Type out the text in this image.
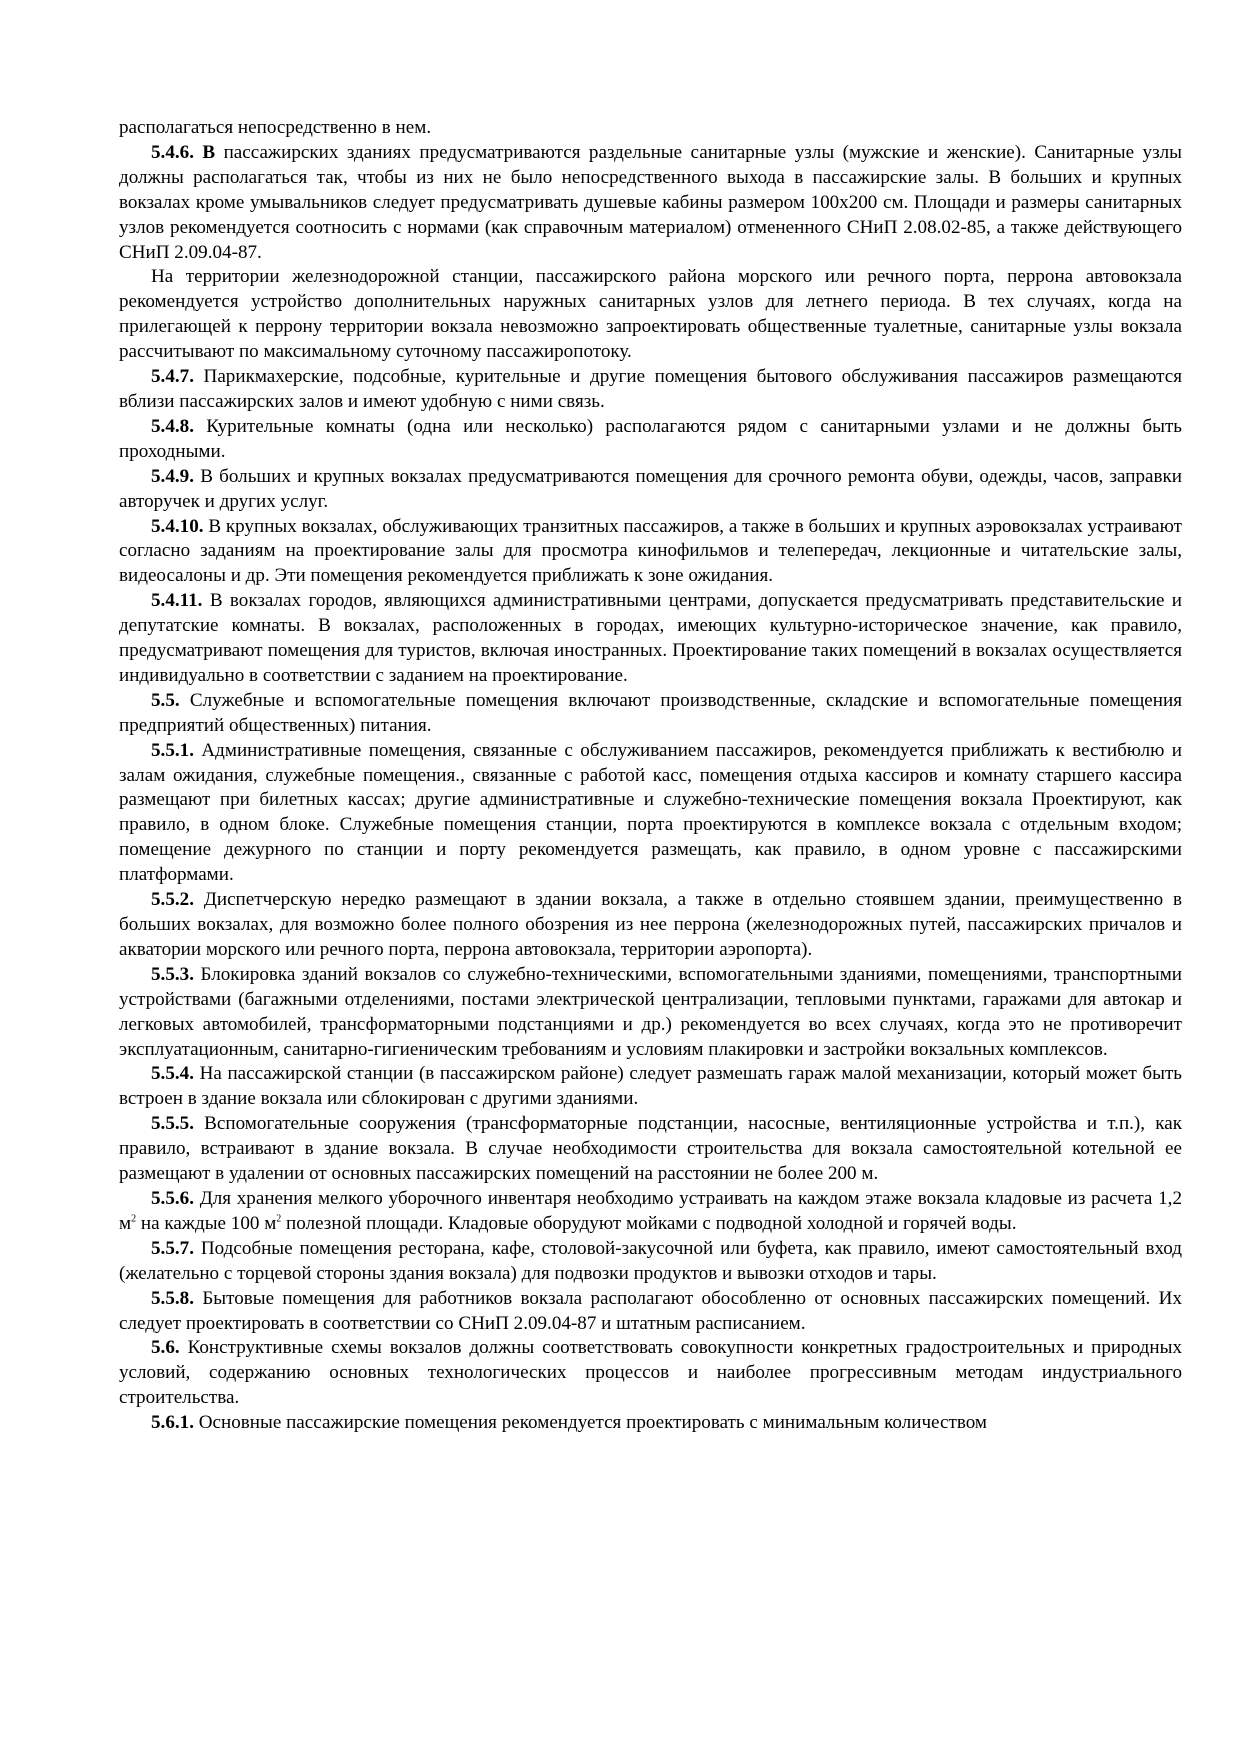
располагаться непосредственно в нем.

5.4.6. В пассажирских зданиях предусматриваются раздельные санитарные узлы (мужские и женские). Санитарные узлы должны располагаться так, чтобы из них не было непосредственного выхода в пассажирские залы. В больших и крупных вокзалах кроме умывальников следует предусматривать душевые кабины размером 100х200 см. Площади и размеры санитарных узлов рекомендуется соотносить с нормами (как справочным материалом) отмененного СНиП 2.08.02-85, а также действующего СНиП 2.09.04-87.

На территории железнодорожной станции, пассажирского района морского или речного порта, перрона автовокзала рекомендуется устройство дополнительных наружных санитарных узлов для летнего периода. В тех случаях, когда на прилегающей к перрону территории вокзала невозможно запроектировать общественные туалетные, санитарные узлы вокзала рассчитывают по максимальному суточному пассажиропотоку.

5.4.7. Парикмахерские, подсобные, курительные и другие помещения бытового обслуживания пассажиров размещаются вблизи пассажирских залов и имеют удобную с ними связь.

5.4.8. Курительные комнаты (одна или несколько) располагаются рядом с санитарными узлами и не должны быть проходными.

5.4.9. В больших и крупных вокзалах предусматриваются помещения для срочного ремонта обуви, одежды, часов, заправки авторучек и других услуг.

5.4.10. В крупных вокзалах, обслуживающих транзитных пассажиров, а также в больших и крупных аэровокзалах устраивают согласно заданиям на проектирование залы для просмотра кинофильмов и телепередач, лекционные и читательские залы, видеосалоны и др. Эти помещения рекомендуется приближать к зоне ожидания.

5.4.11. В вокзалах городов, являющихся административными центрами, допускается предусматривать представительские и депутатские комнаты. В вокзалах, расположенных в городах, имеющих культурно-историческое значение, как правило, предусматривают помещения для туристов, включая иностранных. Проектирование таких помещений в вокзалах осуществляется индивидуально в соответствии с заданием на проектирование.

5.5. Служебные и вспомогательные помещения включают производственные, складские и вспомогательные помещения предприятий общественных) питания.

5.5.1. Административные помещения, связанные с обслуживанием пассажиров, рекомендуется приближать к вестибюлю и залам ожидания, служебные помещения., связанные с работой касс, помещения отдыха кассиров и комнату старшего кассира размещают при билетных кассах; другие административные и служебно-технические помещения вокзала Проектируют, как правило, в одном блоке. Служебные помещения станции, порта проектируются в комплексе вокзала с отдельным входом; помещение дежурного по станции и порту рекомендуется размещать, как правило, в одном уровне с пассажирскими платформами.

5.5.2. Диспетчерскую нередко размещают в здании вокзала, а также в отдельно стоявшем здании, преимущественно в больших вокзалах, для возможно более полного обозрения из нее перрона (железнодорожных путей, пассажирских причалов и акватории морского или речного порта, перрона автовокзала, территории аэропорта).

5.5.3. Блокировка зданий вокзалов со служебно-техническими, вспомогательными зданиями, помещениями, транспортными устройствами (багажными отделениями, постами электрической централизации, тепловыми пунктами, гаражами для автокар и легковых автомобилей, трансформаторными подстанциями и др.) рекомендуется во всех случаях, когда это не противоречит эксплуатационным, санитарно-гигиеническим требованиям и условиям плакировки и застройки вокзальных комплексов.

5.5.4. На пассажирской станции (в пассажирском районе) следует размешать гараж малой механизации, который может быть встроен в здание вокзала или сблокирован с другими зданиями.

5.5.5. Вспомогательные сооружения (трансформаторные подстанции, насосные, вентиляционные устройства и т.п.), как правило, встраивают в здание вокзала. В случае необходимости строительства для вокзала самостоятельной котельной ее размещают в удалении от основных пассажирских помещений на расстоянии не более 200 м.

5.5.6. Для хранения мелкого уборочного инвентаря необходимо устраивать на каждом этаже вокзала кладовые из расчета 1,2 $м^2$ на каждые 100 $м^2$ полезной площади. Кладовые оборудуют мойками с подводной холодной и горячей воды.

5.5.7. Подсобные помещения ресторана, кафе, столовой-закусочной или буфета, как правило, имеют самостоятельный вход (желательно с торцевой стороны здания вокзала) для подвозки продуктов и вывозки отходов и тары.

5.5.8. Бытовые помещения для работников вокзала располагают обособленно от основных пассажирских помещений. Их следует проектировать в соответствии со СНиП 2.09.04-87 и штатным расписанием.

5.6. Конструктивные схемы вокзалов должны соответствовать совокупности конкретных градостроительных и природных условий, содержанию основных технологических процессов и наиболее прогрессивным методам индустриального строительства.

5.6.1. Основные пассажирские помещения рекомендуется проектировать с минимальным количеством
